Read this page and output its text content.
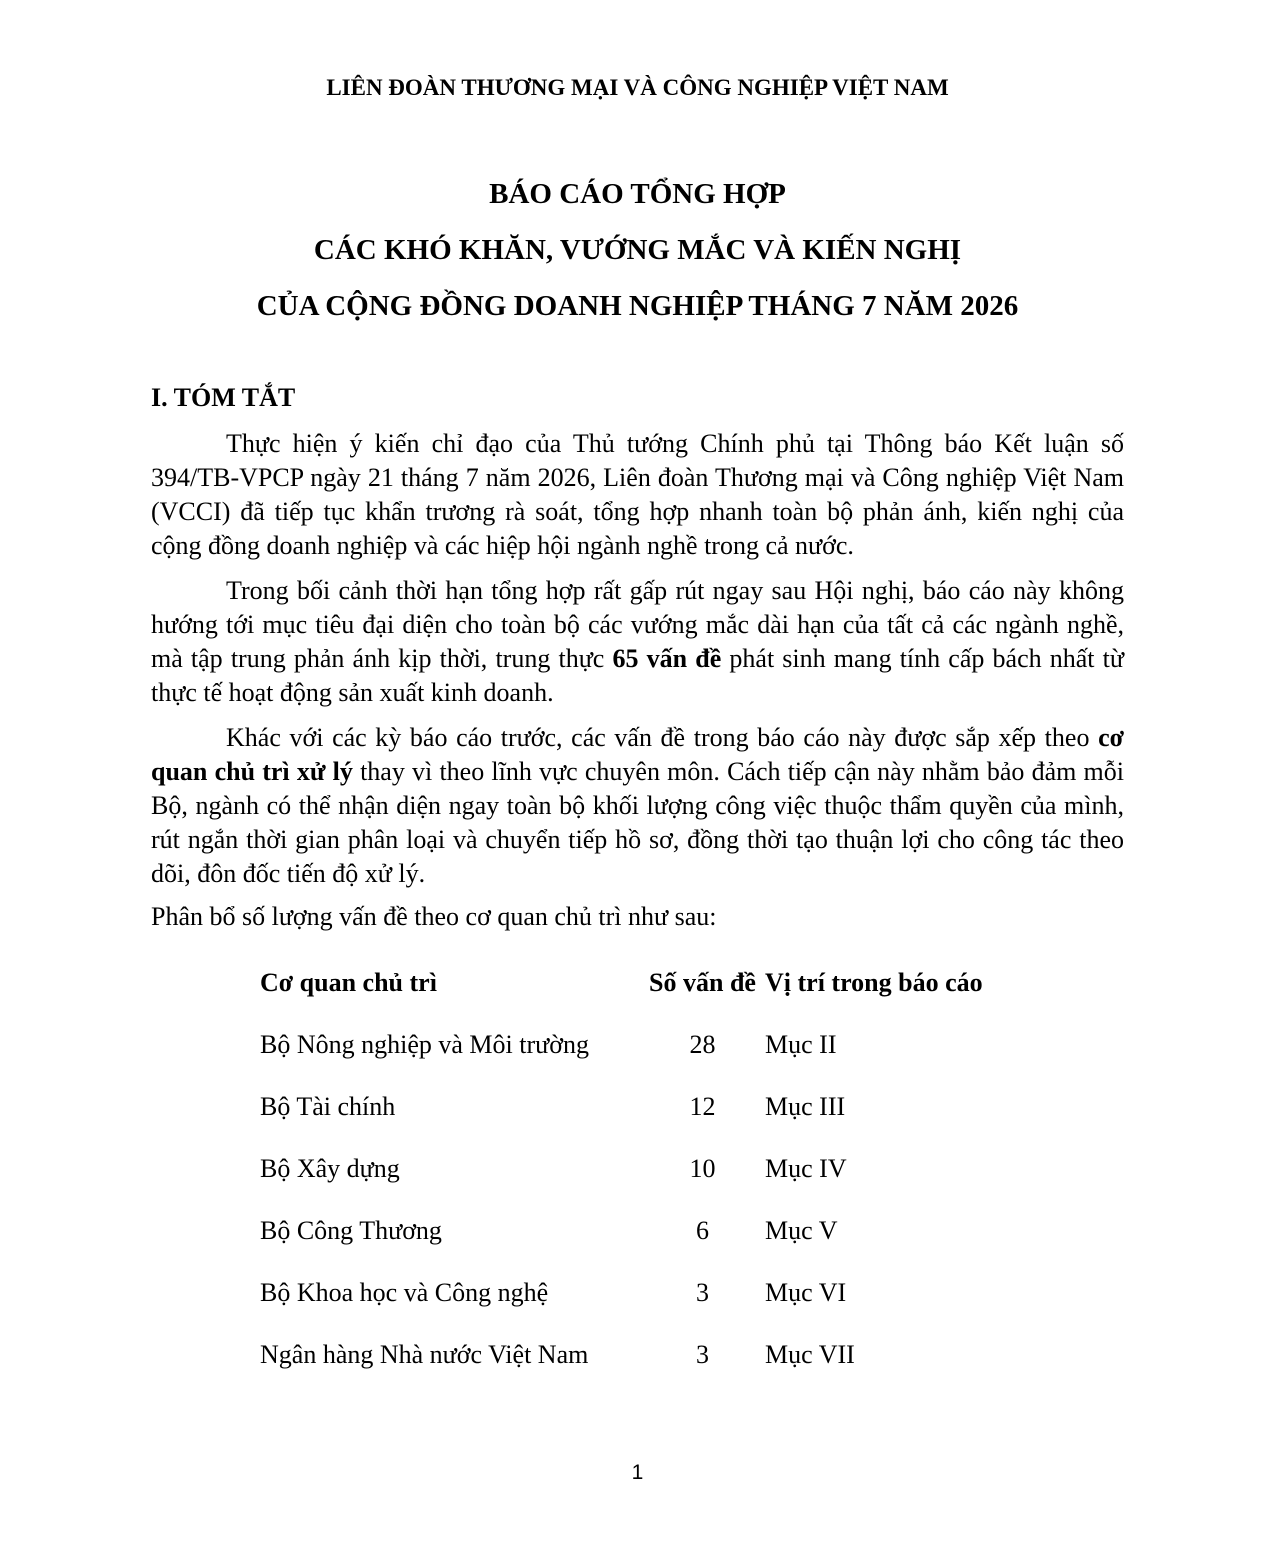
LIÊN ĐOÀN THƯƠNG MẠI VÀ CÔNG NGHIỆP VIỆT NAM
BÁO CÁO TỔNG HỢP
CÁC KHÓ KHĂN, VƯỚNG MẮC VÀ KIẾN NGHỊ
CỦA CỘNG ĐỒNG DOANH NGHIỆP THÁNG 7 NĂM 2026
I. TÓM TẮT

Thực hiện ý kiến chỉ đạo của Thủ tướng Chính phủ tại Thông báo Kết luận số 394/TB-VPCP ngày 21 tháng 7 năm 2026, Liên đoàn Thương mại và Công nghiệp Việt Nam (VCCI) đã tiếp tục khẩn trương rà soát, tổng hợp nhanh toàn bộ phản ánh, kiến nghị của cộng đồng doanh nghiệp và các hiệp hội ngành nghề trong cả nước.

Trong bối cảnh thời hạn tổng hợp rất gấp rút ngay sau Hội nghị, báo cáo này không hướng tới mục tiêu đại diện cho toàn bộ các vướng mắc dài hạn của tất cả các ngành nghề, mà tập trung phản ánh kịp thời, trung thực 65 vấn đề phát sinh mang tính cấp bách nhất từ thực tế hoạt động sản xuất kinh doanh.

Khác với các kỳ báo cáo trước, các vấn đề trong báo cáo này được sắp xếp theo cơ quan chủ trì xử lý thay vì theo lĩnh vực chuyên môn. Cách tiếp cận này nhằm bảo đảm mỗi Bộ, ngành có thể nhận diện ngay toàn bộ khối lượng công việc thuộc thẩm quyền của mình, rút ngắn thời gian phân loại và chuyển tiếp hồ sơ, đồng thời tạo thuận lợi cho công tác theo dõi, đôn đốc tiến độ xử lý.

Phân bổ số lượng vấn đề theo cơ quan chủ trì như sau:

Cơ quan chủ trì	Số vấn đề	Vị trí trong báo cáo
Bộ Nông nghiệp và Môi trường	28	Mục II
Bộ Tài chính	12	Mục III
Bộ Xây dựng	10	Mục IV
Bộ Công Thương	6	Mục V
Bộ Khoa học và Công nghệ	3	Mục VI
Ngân hàng Nhà nước Việt Nam	3	Mục VII
1
